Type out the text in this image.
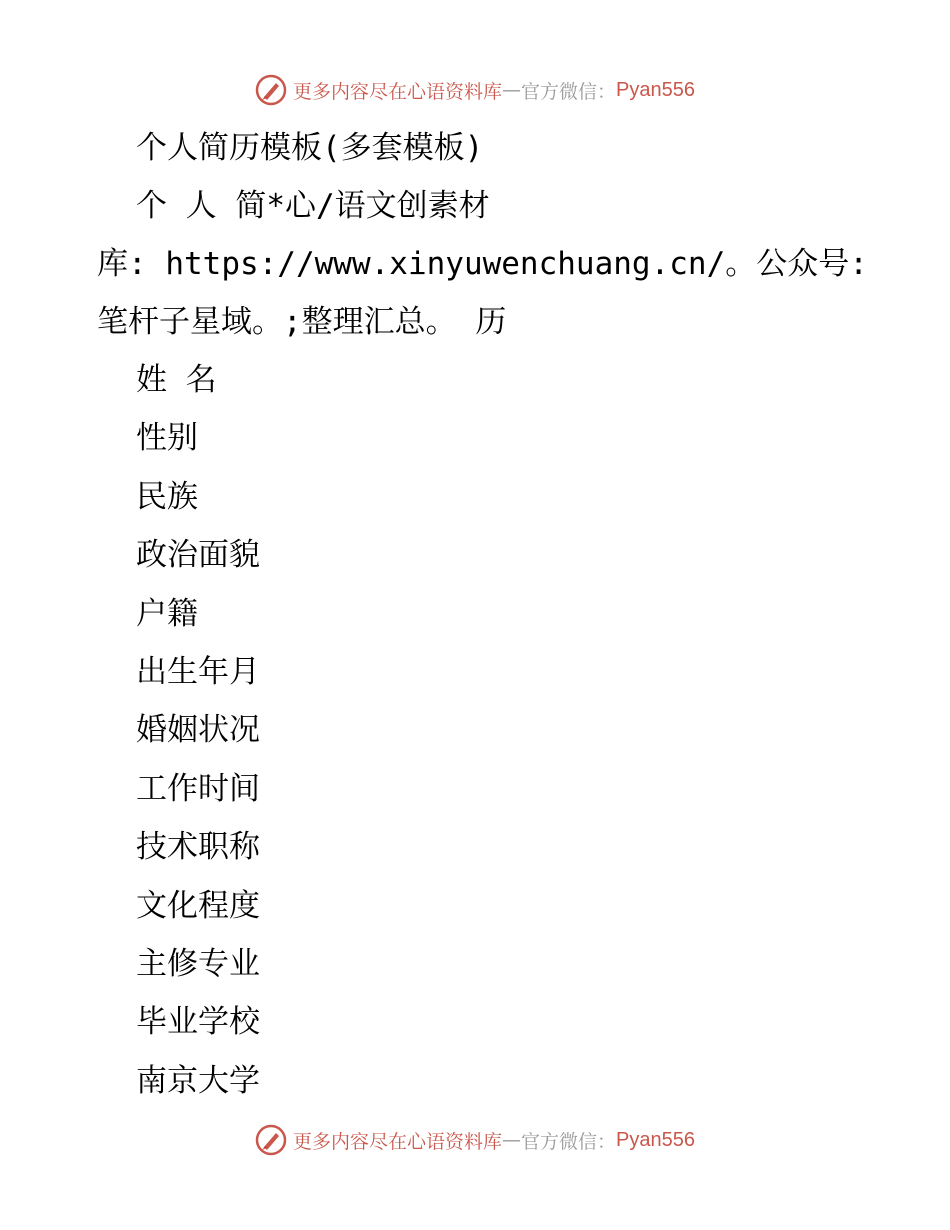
更多内容尽在心语资料库 — 官方微信： Pyan556
个人简历模板(多套模板)
个 人 简*心/语文创素材
库: https://www.xinyuwenchuang.cn/。公众号:
笔杆子星域。;整理汇总。 历
姓 名
性别
民族
政治面貌
户籍
出生年月
婚姻状况
工作时间
技术职称
文化程度
主修专业
毕业学校
南京大学
更多内容尽在心语资料库 — 官方微信： Pyan556
